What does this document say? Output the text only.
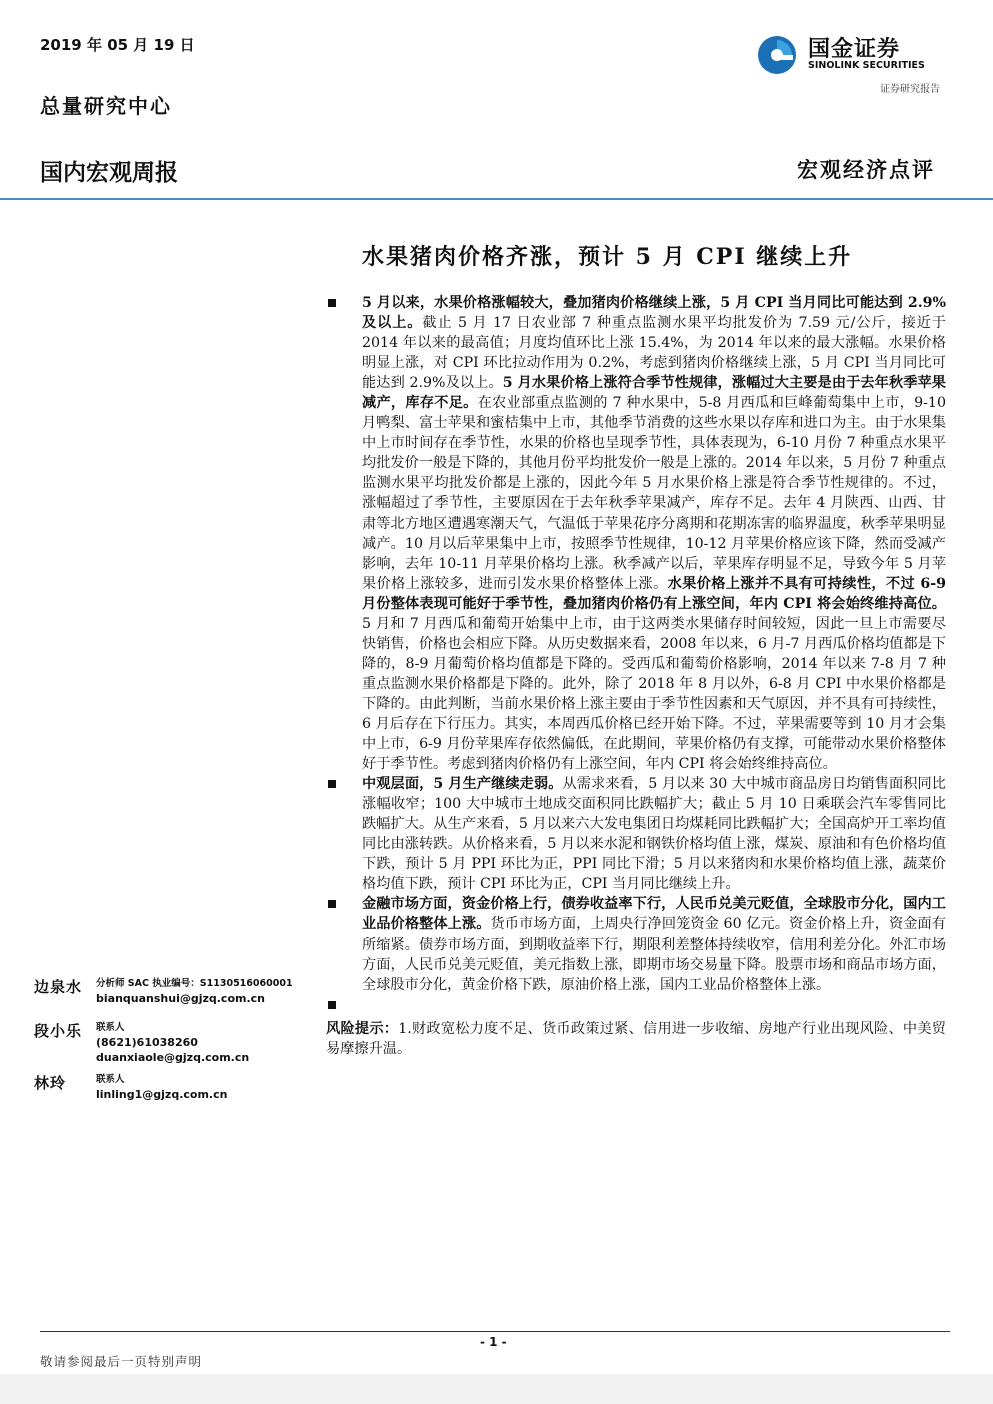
2019 年 05 月 19 日
总量研究中心
国内宏观周报	宏观经济点评
国金证券
SINOLINK SECURITIES
证券研究报告
水果猪肉价格齐涨，预计 5 月 CPI 继续上升

5 月以来，水果价格涨幅较大，叠加猪肉价格继续上涨，5 月 CPI 当月同比可能达到 2.9%及以上。截止 5 月 17 日农业部 7 种重点监测水果平均批发价为 7.59 元/公斤，接近于 2014 年以来的最高值；月度均值环比上涨 15.4%，为 2014 年以来的最大涨幅。水果价格明显上涨，对 CPI 环比拉动作用为 0.2%，考虑到猪肉价格继续上涨，5 月 CPI 当月同比可能达到 2.9%及以上。5 月水果价格上涨符合季节性规律，涨幅过大主要是由于去年秋季苹果减产，库存不足。在农业部重点监测的 7 种水果中，5-8 月西瓜和巨峰葡萄集中上市，9-10 月鸭梨、富士苹果和蜜桔集中上市，其他季节消费的这些水果以存库和进口为主。由于水果集中上市时间存在季节性，水果的价格也呈现季节性，具体表现为，6-10 月份 7 种重点水果平均批发价一般是下降的，其他月份平均批发价一般是上涨的。2014 年以来，5 月份 7 种重点监测水果平均批发价都是上涨的，因此今年 5 月水果价格上涨是符合季节性规律的。不过，涨幅超过了季节性，主要原因在于去年秋季苹果减产，库存不足。去年 4 月陕西、山西、甘肃等北方地区遭遇寒潮天气，气温低于苹果花序分离期和花期冻害的临界温度，秋季苹果明显减产。10 月以后苹果集中上市，按照季节性规律，10-12 月苹果价格应该下降，然而受减产影响，去年 10-11 月苹果价格均上涨。秋季减产以后，苹果库存明显不足，导致今年 5 月苹果价格上涨较多，进而引发水果价格整体上涨。水果价格上涨并不具有可持续性，不过 6-9 月份整体表现可能好于季节性，叠加猪肉价格仍有上涨空间，年内 CPI 将会始终维持高位。5 月和 7 月西瓜和葡萄开始集中上市，由于这两类水果储存时间较短，因此一旦上市需要尽快销售，价格也会相应下降。从历史数据来看，2008 年以来，6 月-7 月西瓜价格均值都是下降的，8-9 月葡萄价格均值都是下降的。受西瓜和葡萄价格影响，2014 年以来 7-8 月 7 种重点监测水果价格都是下降的。此外，除了 2018 年 8 月以外，6-8 月 CPI 中水果价格都是下降的。由此判断，当前水果价格上涨主要由于季节性因素和天气原因，并不具有可持续性，6 月后存在下行压力。其实，本周西瓜价格已经开始下降。不过，苹果需要等到 10 月才会集中上市，6-9 月份苹果库存依然偏低，在此期间，苹果价格仍有支撑，可能带动水果价格整体好于季节性。考虑到猪肉价格仍有上涨空间，年内 CPI 将会始终维持高位。

中观层面，5 月生产继续走弱。从需求来看，5 月以来 30 大中城市商品房日均销售面积同比涨幅收窄；100 大中城市土地成交面积同比跌幅扩大；截止 5 月 10 日乘联会汽车零售同比跌幅扩大。从生产来看，5 月以来六大发电集团日均煤耗同比跌幅扩大；全国高炉开工率均值同比由涨转跌。从价格来看，5 月以来水泥和钢铁价格均值上涨，煤炭、原油和有色价格均值下跌，预计 5 月 PPI 环比为正，PPI 同比下滑；5 月以来猪肉和水果价格均值上涨，蔬菜价格均值下跌，预计 CPI 环比为正，CPI 当月同比继续上升。

金融市场方面，资金价格上行，债券收益率下行，人民币兑美元贬值，全球股市分化，国内工业品价格整体上涨。货币市场方面，上周央行净回笼资金 60 亿元。资金价格上升，资金面有所缩紧。债券市场方面，到期收益率下行，期限利差整体持续收窄，信用利差分化。外汇市场方面，人民币兑美元贬值，美元指数上涨，即期市场交易量下降。股票市场和商品市场方面，全球股市分化，黄金价格下跌，原油价格上涨，国内工业品价格整体上涨。

风险提示：1.财政宽松力度不足、货币政策过紧、信用进一步收缩、房地产行业出现风险、中美贸易摩擦升温。
边泉水 分析师 SAC 执业编号：S1130516060001
bianquanshui@gjzq.com.cn
段小乐 联系人
(8621)61038260
duanxiaole@gjzq.com.cn
林玲	联系人
linling1@gjzq.com.cn
- 1 -
敬请参阅最后一页特别声明
